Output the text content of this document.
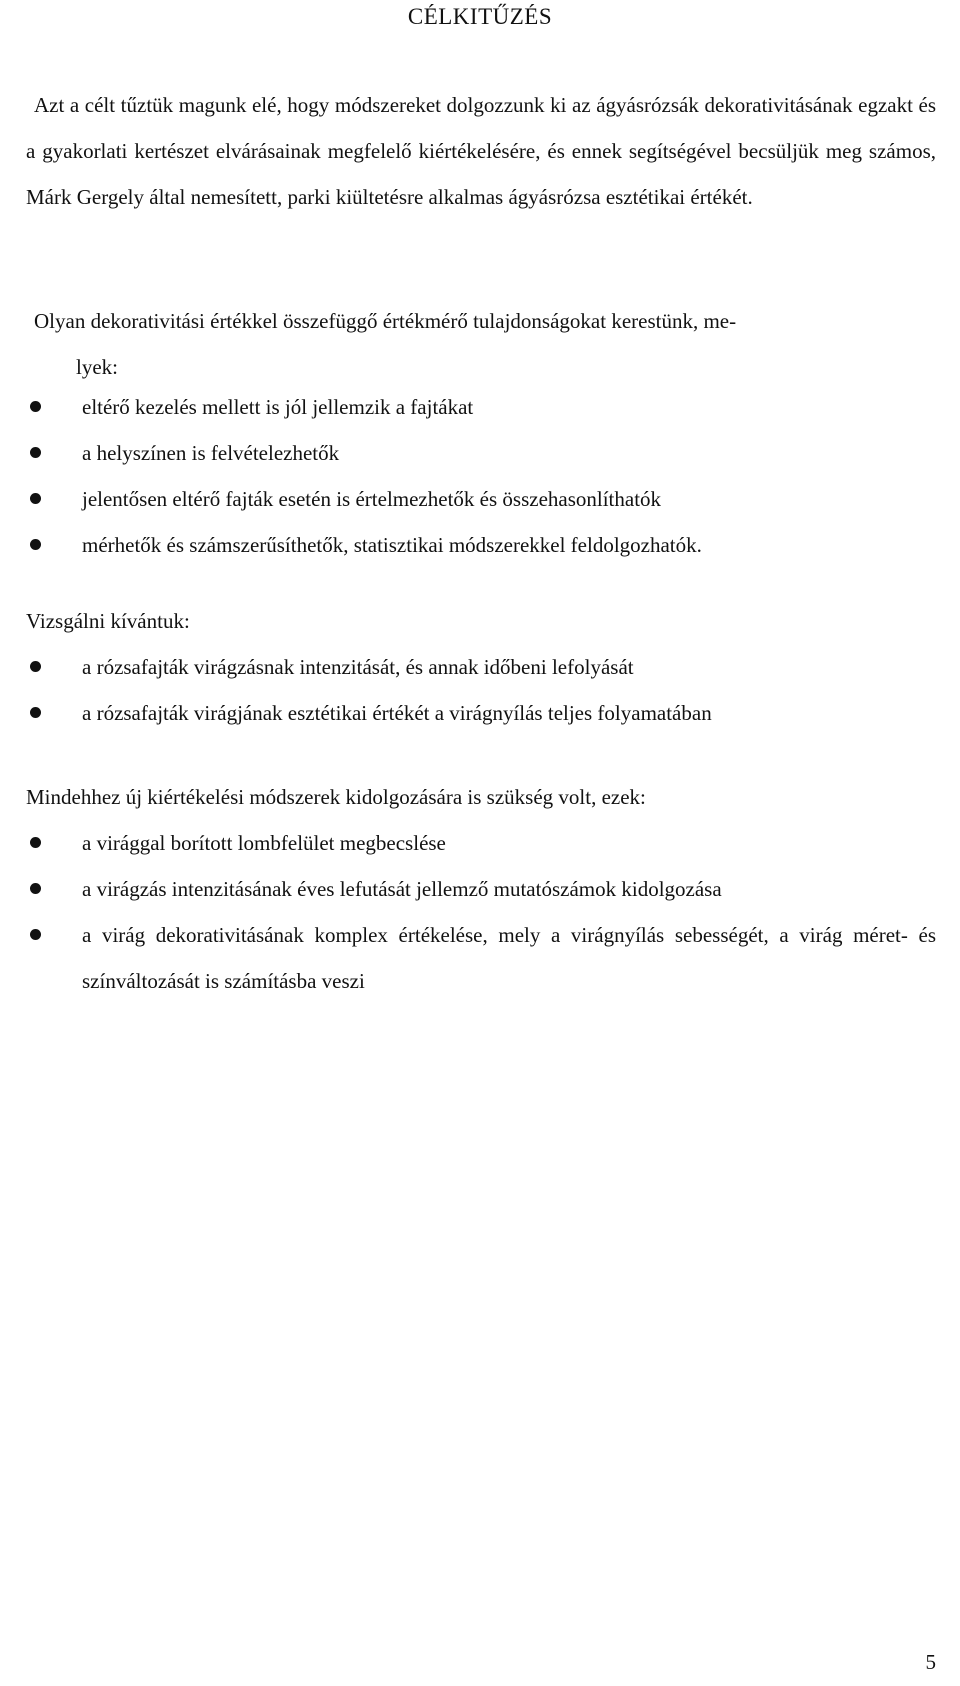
CÉLKITŰZÉS
Azt a célt tűztük magunk elé, hogy módszereket dolgozzunk ki az ágyásrózsák dekorativitásának egzakt és a gyakorlati kertészet elvárásainak megfelelő kiértékelésére, és ennek segítségével becsüljük meg számos, Márk Gergely által nemesített, parki kiültetésre alkalmas ágyásrózsa esztétikai értékét.
Olyan dekorativitási értékkel összefüggő értékmérő tulajdonságokat kerestünk, me-
lyek:
eltérő kezelés mellett is jól jellemzik a fajtákat
a helyszínen is felvételezhetők
jelentősen eltérő fajták esetén is értelmezhetők és összehasonlíthatók
mérhetők és számszerűsíthetők, statisztikai módszerekkel feldolgozhatók.
Vizsgálni kívántuk:
a rózsafajták virágzásnak intenzitását, és annak időbeni lefolyását
a rózsafajták virágjának esztétikai értékét a virágnyílás teljes folyamatában
Mindehhez új kiértékelési módszerek kidolgozására is szükség volt, ezek:
a virággal borított lombfelület megbecslése
a virágzás intenzitásának éves lefutását jellemző mutatószámok kidolgozása
a virág dekorativitásának komplex értékelése, mely a virágnyílás sebességét, a virág méret- és színváltozását is számításba veszi
5
